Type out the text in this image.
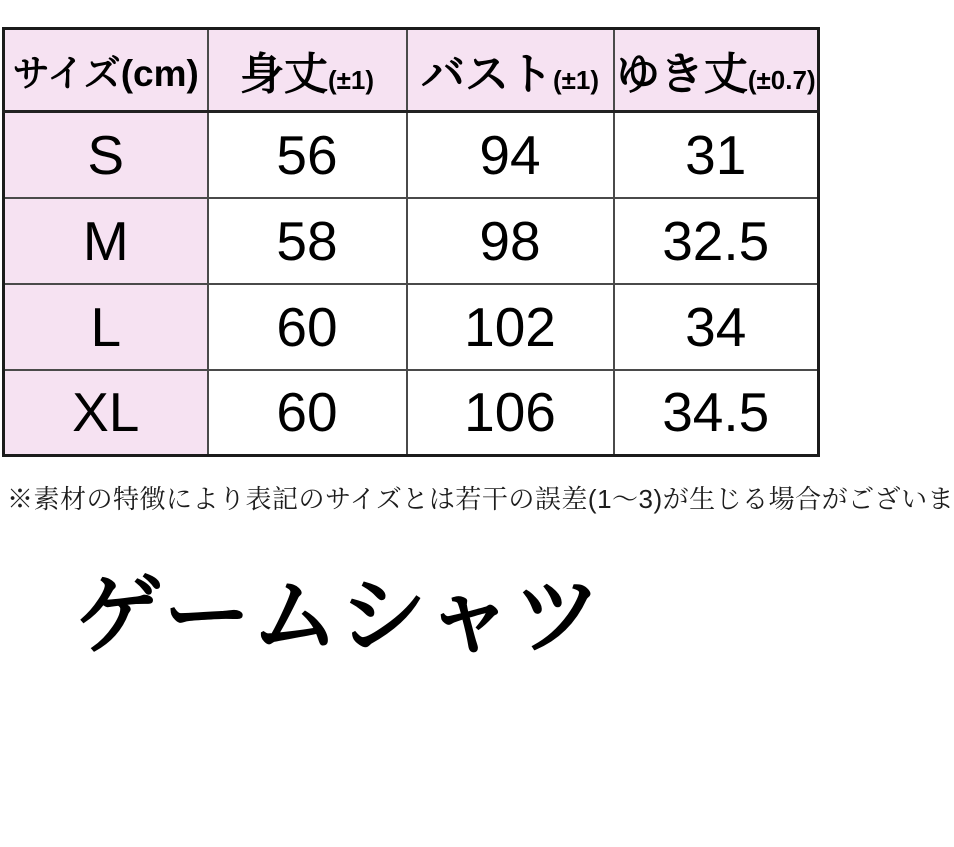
サイズ(cm)	身丈(±1)	バスト(±1)	ゆき丈(±0.7)
S	56	94	31
M	58	98	32.5
L	60	102	34
XL	60	106	34.5
※素材の特徴により表記のサイズとは若干の誤差(1～3)が生じる場合がございま
ゲームシャツ
